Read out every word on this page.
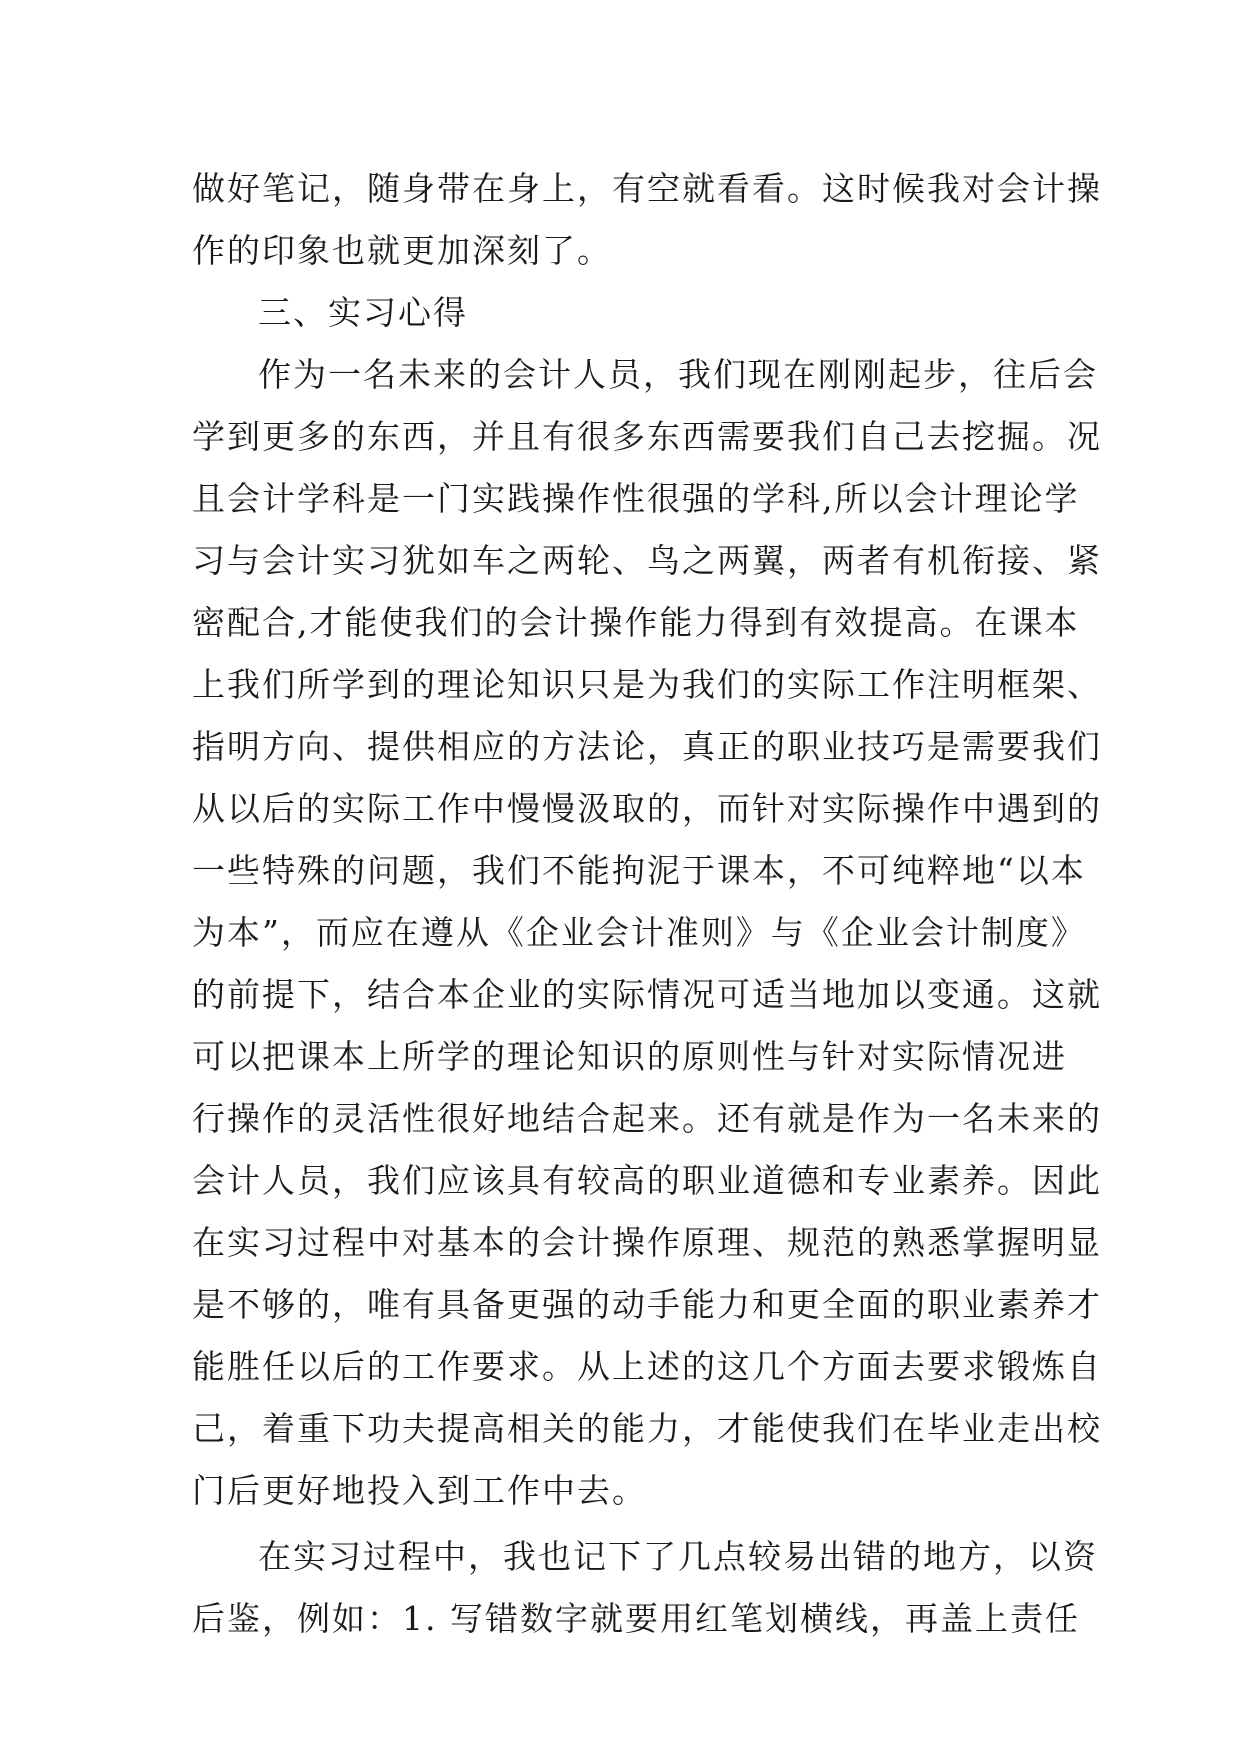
做好笔记，随身带在身上，有空就看看。这时候我对会计操
作的印象也就更加深刻了。
三、实习心得
作为一名未来的会计人员，我们现在刚刚起步，往后会
学到更多的东西，并且有很多东西需要我们自己去挖掘。况
且会计学科是一门实践操作性很强的学科,所以会计理论学
习与会计实习犹如车之两轮、鸟之两翼，两者有机衔接、紧
密配合,才能使我们的会计操作能力得到有效提高。在课本
上我们所学到的理论知识只是为我们的实际工作注明框架、
指明方向、提供相应的方法论，真正的职业技巧是需要我们
从以后的实际工作中慢慢汲取的，而针对实际操作中遇到的
一些特殊的问题，我们不能拘泥于课本，不可纯粹地“以本
为本”，而应在遵从《企业会计准则》与《企业会计制度》
的前提下，结合本企业的实际情况可适当地加以变通。这就
可以把课本上所学的理论知识的原则性与针对实际情况进
行操作的灵活性很好地结合起来。还有就是作为一名未来的
会计人员，我们应该具有较高的职业道德和专业素养。因此
在实习过程中对基本的会计操作原理、规范的熟悉掌握明显
是不够的，唯有具备更强的动手能力和更全面的职业素养才
能胜任以后的工作要求。从上述的这几个方面去要求锻炼自
己，着重下功夫提高相关的能力，才能使我们在毕业走出校
门后更好地投入到工作中去。
在实习过程中，我也记下了几点较易出错的地方，以资
后鉴，例如：1. 写错数字就要用红笔划横线，再盖上责任
